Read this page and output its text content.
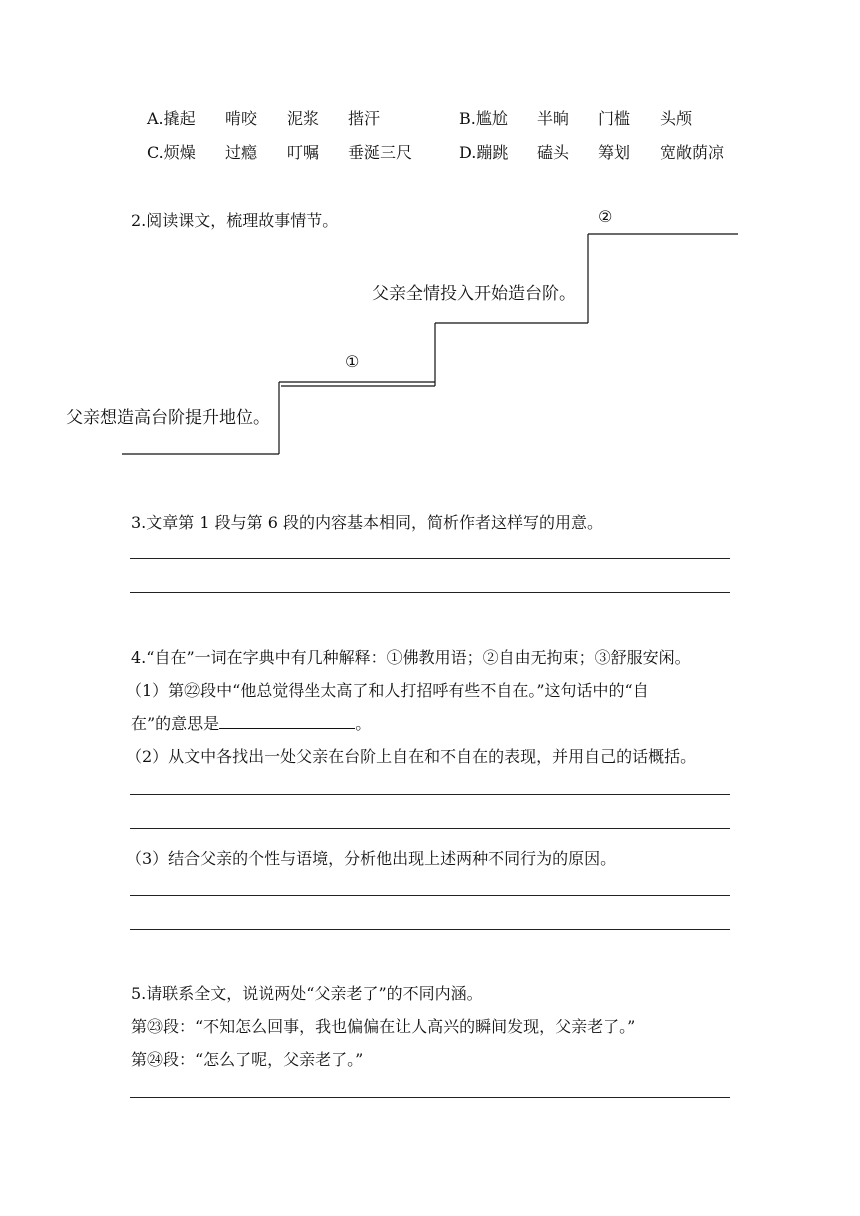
A.撬起 啃咬 泥浆 揩汗	B.尴尬 半晌 门槛 头颅
C.烦燥 过瘾 叮嘱 垂涎三尺	D.蹦跳 磕头 筹划 宽敞荫凉
2.阅读课文，梳理故事情节。	②
父亲全情投入开始造台阶。
①
父亲想造高台阶提升地位。
3.文章第 1 段与第 6 段的内容基本相同，简析作者这样写的用意。
4.“自在”一词在字典中有几种解释：①佛教用语；②自由无拘束；③舒服安闲。
（1）第㉒段中“他总觉得坐太高了和人打招呼有些不自在。”这句话中的“自
在”的意思是	。
（2）从文中各找出一处父亲在台阶上自在和不自在的表现，并用自己的话概括。
（3）结合父亲的个性与语境，分析他出现上述两种不同行为的原因。
5.请联系全文，说说两处“父亲老了”的不同内涵。
第㉓段：“不知怎么回事，我也偏偏在让人高兴的瞬间发现，父亲老了。”
第㉔段：“怎么了呢，父亲老了。”
